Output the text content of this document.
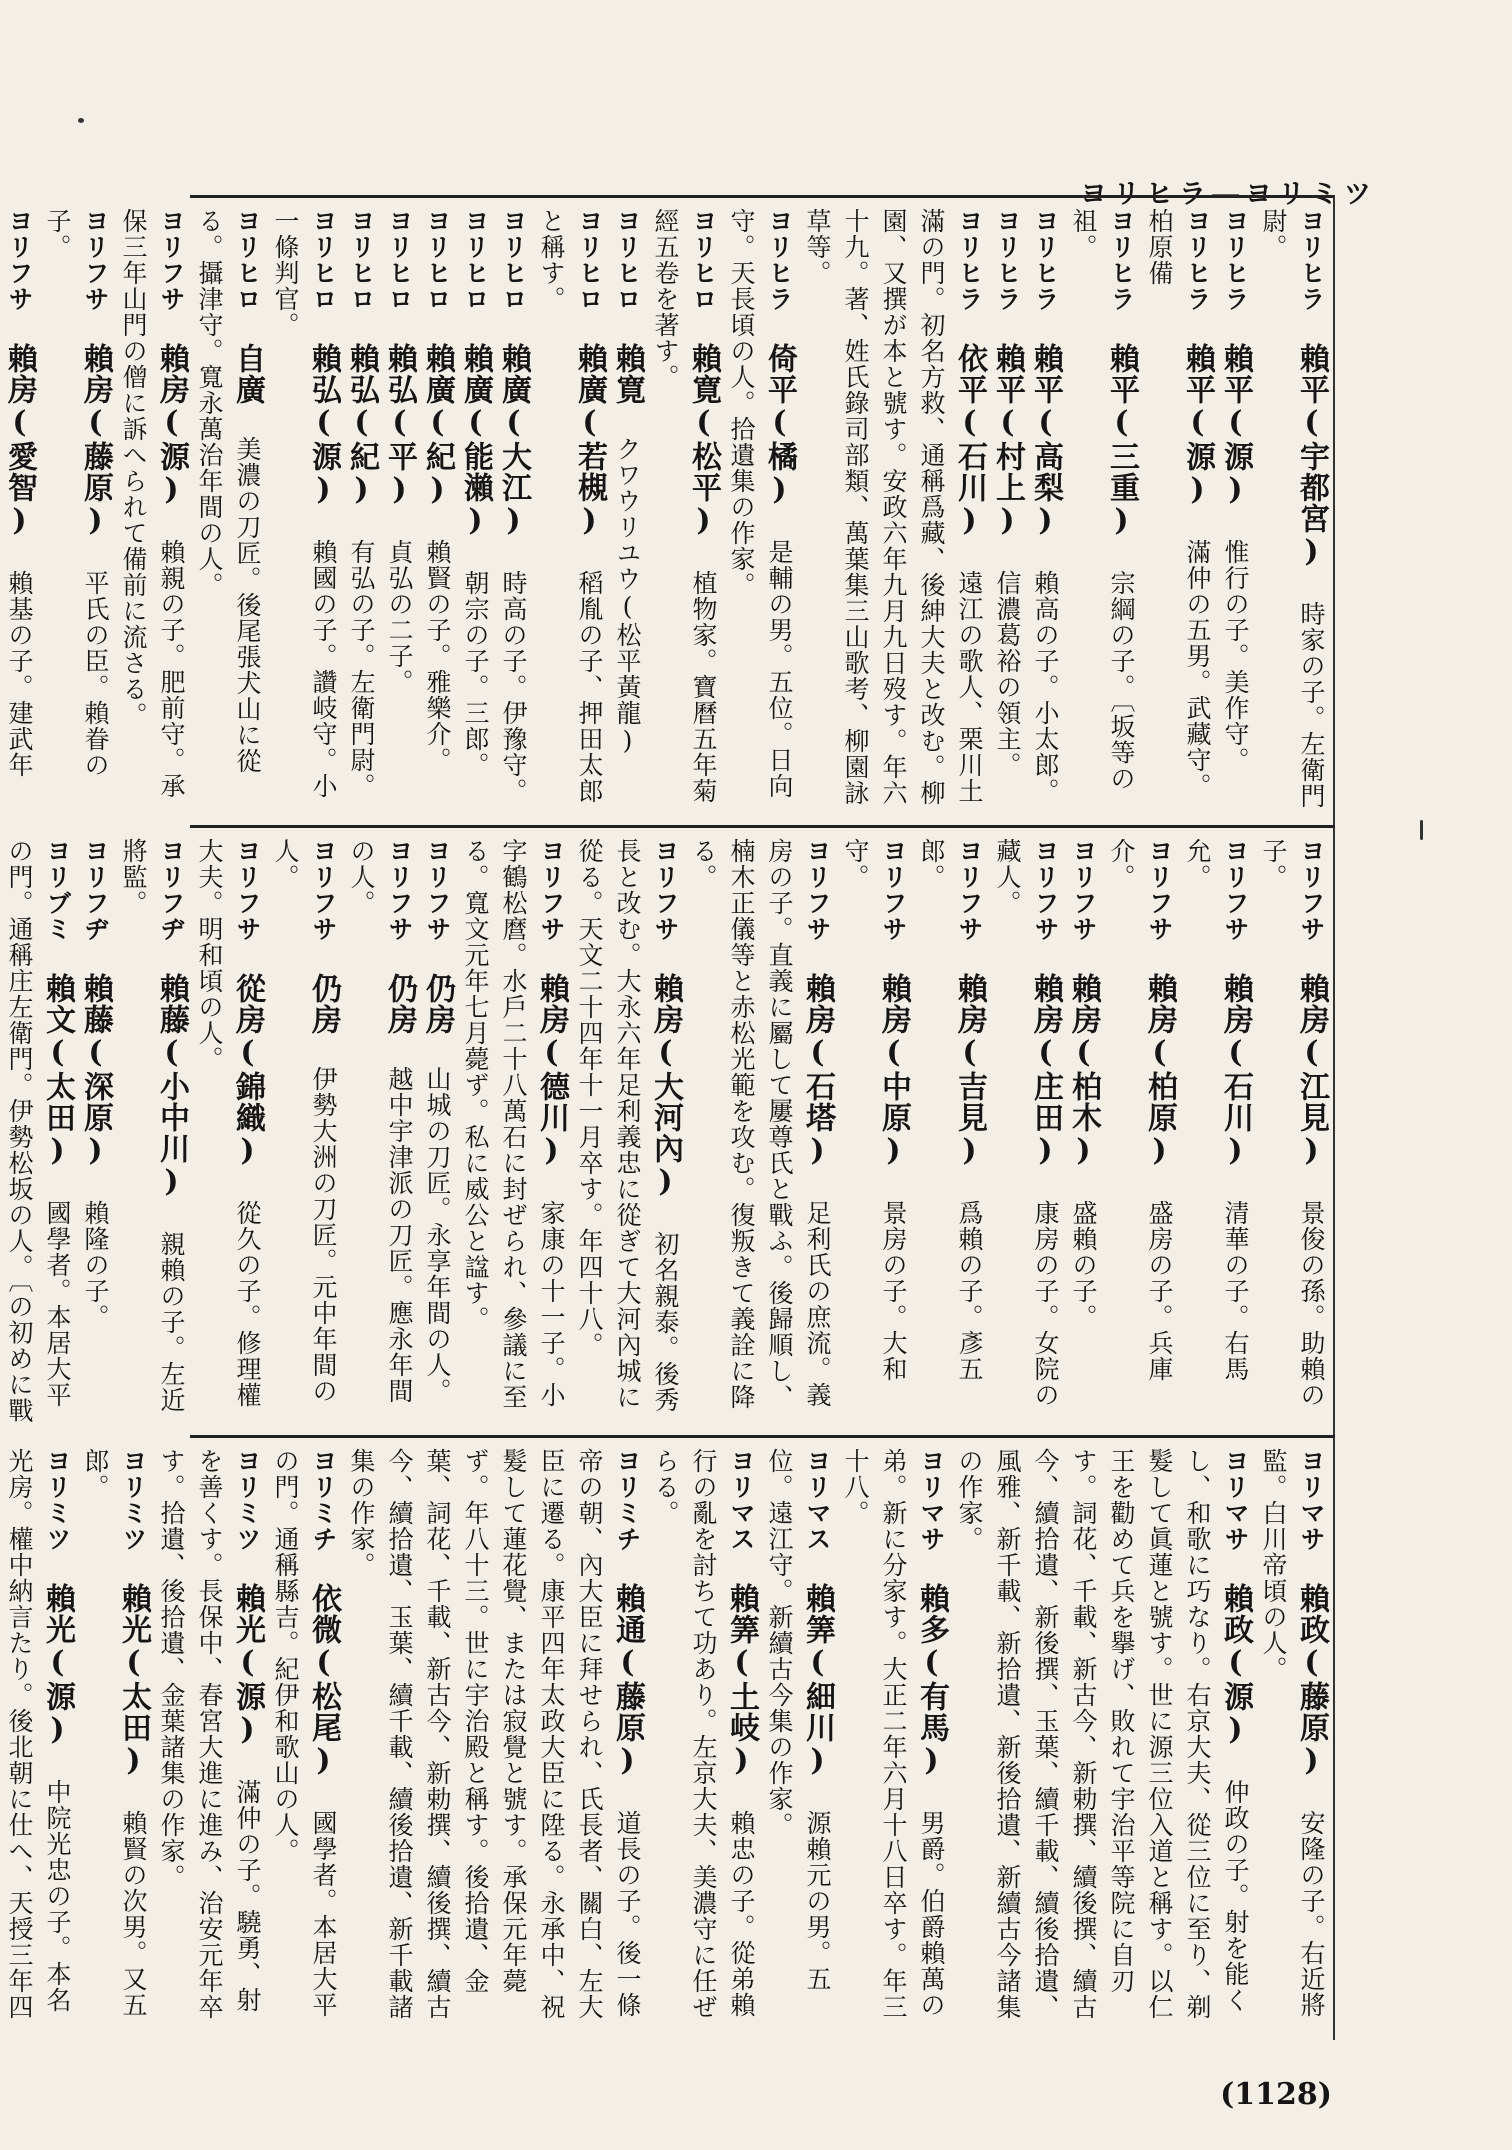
ヨリヒラ―ヨリミツ
ヨリヒラ 賴平(宇都宮) 時家の子。左衛門尉。
ヨリヒラ 賴平(源) 惟行の子。美作守。
ヨリヒラ 賴平(源) 滿仲の五男。武藏守。柏原備
ヨリヒラ 賴平(三重) 宗綱の子。〔坂等の祖。
ヨリヒラ 賴平(高梨) 賴高の子。小太郎。
ヨリヒラ 賴平(村上) 信濃葛裕の領主。
ヨリヒラ 依平(石川) 遠江の歌人、栗川土滿の門。初名方救、通稱爲藏、後紳大夫と改む。柳園、又撰が本と號す。安政六年九月九日歿す。年六十九。著、姓氏錄司部類、萬葉集三山歌考、柳園詠草等。
ヨリヒラ 倚平(橘) 是輔の男。五位。日向守。天長頃の人。拾遺集の作家。
ヨリヒロ 賴寛(松平) 植物家。寶曆五年菊經五卷を著す。
ヨリヒロ 賴寛 クワウリユウ(松平黃龍)
ヨリヒロ 賴廣(若槻) 稻胤の子、押田太郎と稱す。
ヨリヒロ 賴廣(大江) 時高の子。伊豫守。
ヨリヒロ 賴廣(能瀨) 朝宗の子。三郎。
ヨリヒロ 賴廣(紀) 賴賢の子。雅樂介。
ヨリヒロ 賴弘(平) 貞弘の二子。
ヨリヒロ 賴弘(紀) 有弘の子。左衛門尉。
ヨリヒロ 賴弘(源) 賴國の子。讚岐守。小一條判官。
ヨリヒロ 自廣 美濃の刀匠。後尾張犬山に從る。攝津守。寬永萬治年間の人。
ヨリフサ 賴房(源) 賴親の子。肥前守。承保三年山門の僧に訴へられて備前に流さる。
ヨリフサ 賴房(藤原) 平氏の臣。賴眷の子。
ヨリフサ 賴房(愛智) 賴基の子。建武年
ヨリフサ 賴房(江見) 景俊の孫。助賴の子。
ヨリフサ 賴房(石川) 清華の子。右馬允。
ヨリフサ 賴房(柏原) 盛房の子。兵庫介。
ヨリフサ 賴房(柏木) 盛賴の子。
ヨリフサ 賴房(庄田) 康房の子。女院の藏人。
ヨリフサ 賴房(吉見) 爲賴の子。彥五郎。
ヨリフサ 賴房(中原) 景房の子。大和守。
ヨリフサ 賴房(石塔) 足利氏の庶流。義房の子。直義に屬して屢尊氏と戰ふ。後歸順し、楠木正儀等と赤松光範を攻む。復叛きて義詮に降る。
ヨリフサ 賴房(大河內) 初名親泰。後秀長と改む。大永六年足利義忠に從ぎて大河內城に從る。天文二十四年十一月卒す。年四十八。
ヨリフサ 賴房(德川) 家康の十一子。小字鶴松麿。水戶二十八萬石に封ぜられ、參議に至る。寬文元年七月薨ず。私に威公と諡す。
ヨリフサ 仍房 山城の刀匠。永享年間の人。
ヨリフサ 仍房 越中宇津派の刀匠。應永年間の人。
ヨリフサ 仍房 伊勢大洲の刀匠。元中年間の人。
ヨリフサ 從房(錦織) 從久の子。修理權大夫。明和頃の人。
ヨリフヂ 賴藤(小中川) 親賴の子。左近將監。
ヨリフヂ 賴藤(深原) 賴隆の子。
ヨリブミ 賴文(太田) 國學者。本居大平の門。通稱庄左衛門。伊勢松坂の人。〔の初めに戰
ヨリマサ 賴政(藤原) 安隆の子。右近將監。白川帝頃の人。
ヨリマサ 賴政(源) 仲政の子。射を能くし、和歌に巧なり。右京大夫、從三位に至り、剃髮して眞蓮と號す。世に源三位入道と稱す。以仁王を勸めて兵を擧げ、敗れて宇治平等院に自刃す。詞花、千載、新古今、新勅撰、續後撰、續古今、續拾遺、新後撰、玉葉、續千載、續後拾遺、風雅、新千載、新拾遺、新後拾遺、新續古今諸集の作家。
ヨリマサ 賴多(有馬) 男爵。伯爵賴萬の弟。新に分家す。大正二年六月十八日卒す。年三十八。
ヨリマス 賴筭(細川) 源賴元の男。五位。遠江守。新續古今集の作家。
ヨリマス 賴筭(土岐) 賴忠の子。從弟賴行の亂を討ちて功あり。左京大夫、美濃守に任ぜらる。
ヨリミチ 賴通(藤原) 道長の子。後一條帝の朝、內大臣に拜せられ、氏長者、關白、左大臣に遷る。康平四年太政大臣に陞る。永承中、祝髮して蓮花覺、または寂覺と號す。承保元年薨ず。年八十三。世に宇治殿と稱す。後拾遺、金葉、詞花、千載、新古今、新勅撰、續後撰、續古今、續拾遺、玉葉、續千載、續後拾遺、新千載諸集の作家。
ヨリミチ 依微(松尾) 國學者。本居大平の門。通稱縣吉。紀伊和歌山の人。
ヨリミツ 賴光(源) 滿仲の子。驍勇、射を善くす。長保中、春宮大進に進み、治安元年卒す。拾遺、後拾遺、金葉諸集の作家。
ヨリミツ 賴光(太田) 賴賢の次男。又五郎。
ヨリミツ 賴光(源) 中院光忠の子。本名光房。權中納言たり。後北朝に仕へ、天授三年四
(1128)
